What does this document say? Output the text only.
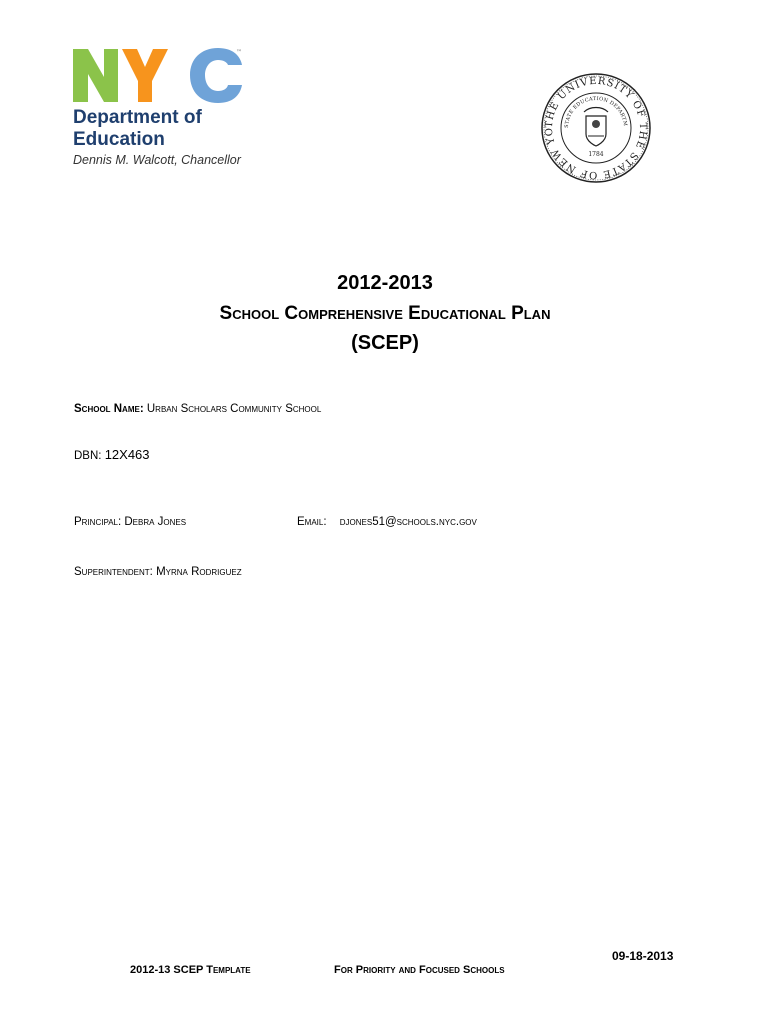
™
Department of
Education
Dennis M. Walcott, Chancellor
THE UNIVERSITY OF THE STATE OF NEW YO
STATE EDUCATION DEPARTM
1784
2012-2013
School Comprehensive Educational Plan
(SCEP)
School Name: Urban Scholars Community School
DBN: 12X463
Principal: Debra Jones	Email: djones51@schools.nyc.gov
Superintendent: Myrna Rodriguez
09-18-2013
2012-13 SCEP Template	For Priority and Focused Schools
